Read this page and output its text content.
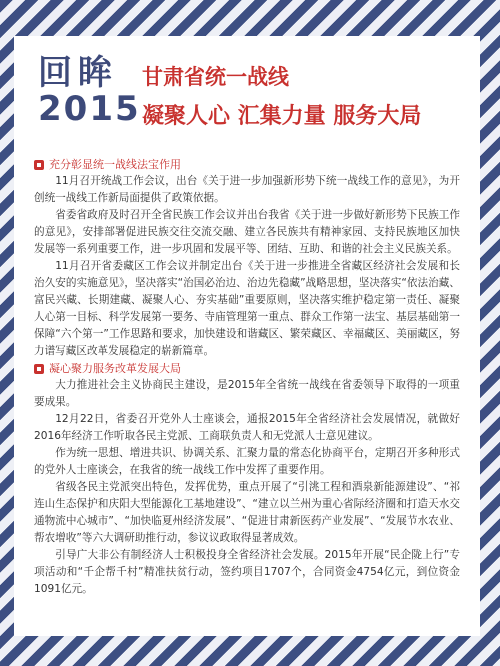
回眸
2015
甘肃省统一战线
凝聚人心 汇集力量 服务大局
充分彰显统一战线法宝作用

11月召开统战工作会议，出台《关于进一步加强新形势下统一战线工作的意见》，为开创统一战线工作新局面提供了政策依据。

省委省政府及时召开全省民族工作会议并出台我省《关于进一步做好新形势下民族工作的意见》，安排部署促进民族交往交流交融、建立各民族共有精神家园、支持民族地区加快发展等一系列重要工作，进一步巩固和发展平等、团结、互助、和谐的社会主义民族关系。

11月召开省委藏区工作会议并制定出台《关于进一步推进全省藏区经济社会发展和长治久安的实施意见》，坚决落实“治国必治边、治边先稳藏”战略思想，坚决落实“依法治藏、富民兴藏、长期建藏、凝聚人心、夯实基础”重要原则，坚决落实维护稳定第一责任、凝聚人心第一目标、科学发展第一要务、寺庙管理第一重点、群众工作第一法宝、基层基础第一保障“六个第一”工作思路和要求，加快建设和谐藏区、繁荣藏区、幸福藏区、美丽藏区，努力谱写藏区改革发展稳定的崭新篇章。

凝心聚力服务改革发展大局

大力推进社会主义协商民主建设，是2015年全省统一战线在省委领导下取得的一项重要成果。

12月22日，省委召开党外人士座谈会，通报2015年全省经济社会发展情况，就做好2016年经济工作听取各民主党派、工商联负责人和无党派人士意见建议。

作为统一思想、增进共识、协调关系、汇聚力量的常态化协商平台，定期召开多种形式的党外人士座谈会，在我省的统一战线工作中发挥了重要作用。

省级各民主党派突出特色，发挥优势，重点开展了“引洮工程和酒泉新能源建设”、“祁连山生态保护和庆阳大型能源化工基地建设”、“建立以兰州为重心省际经济圈和打造天水交通物流中心城市”、“加快临夏州经济发展”、“促进甘肃新医药产业发展”、“发展节水农业、帮农增收”等六大调研助推行动，参议议政取得显著成效。

引导广大非公有制经济人士积极投身全省经济社会发展。2015年开展“民企陇上行”专项活动和“千企帮千村”精准扶贫行动，签约项目1707个，合同资金4754亿元，到位资金1091亿元。
